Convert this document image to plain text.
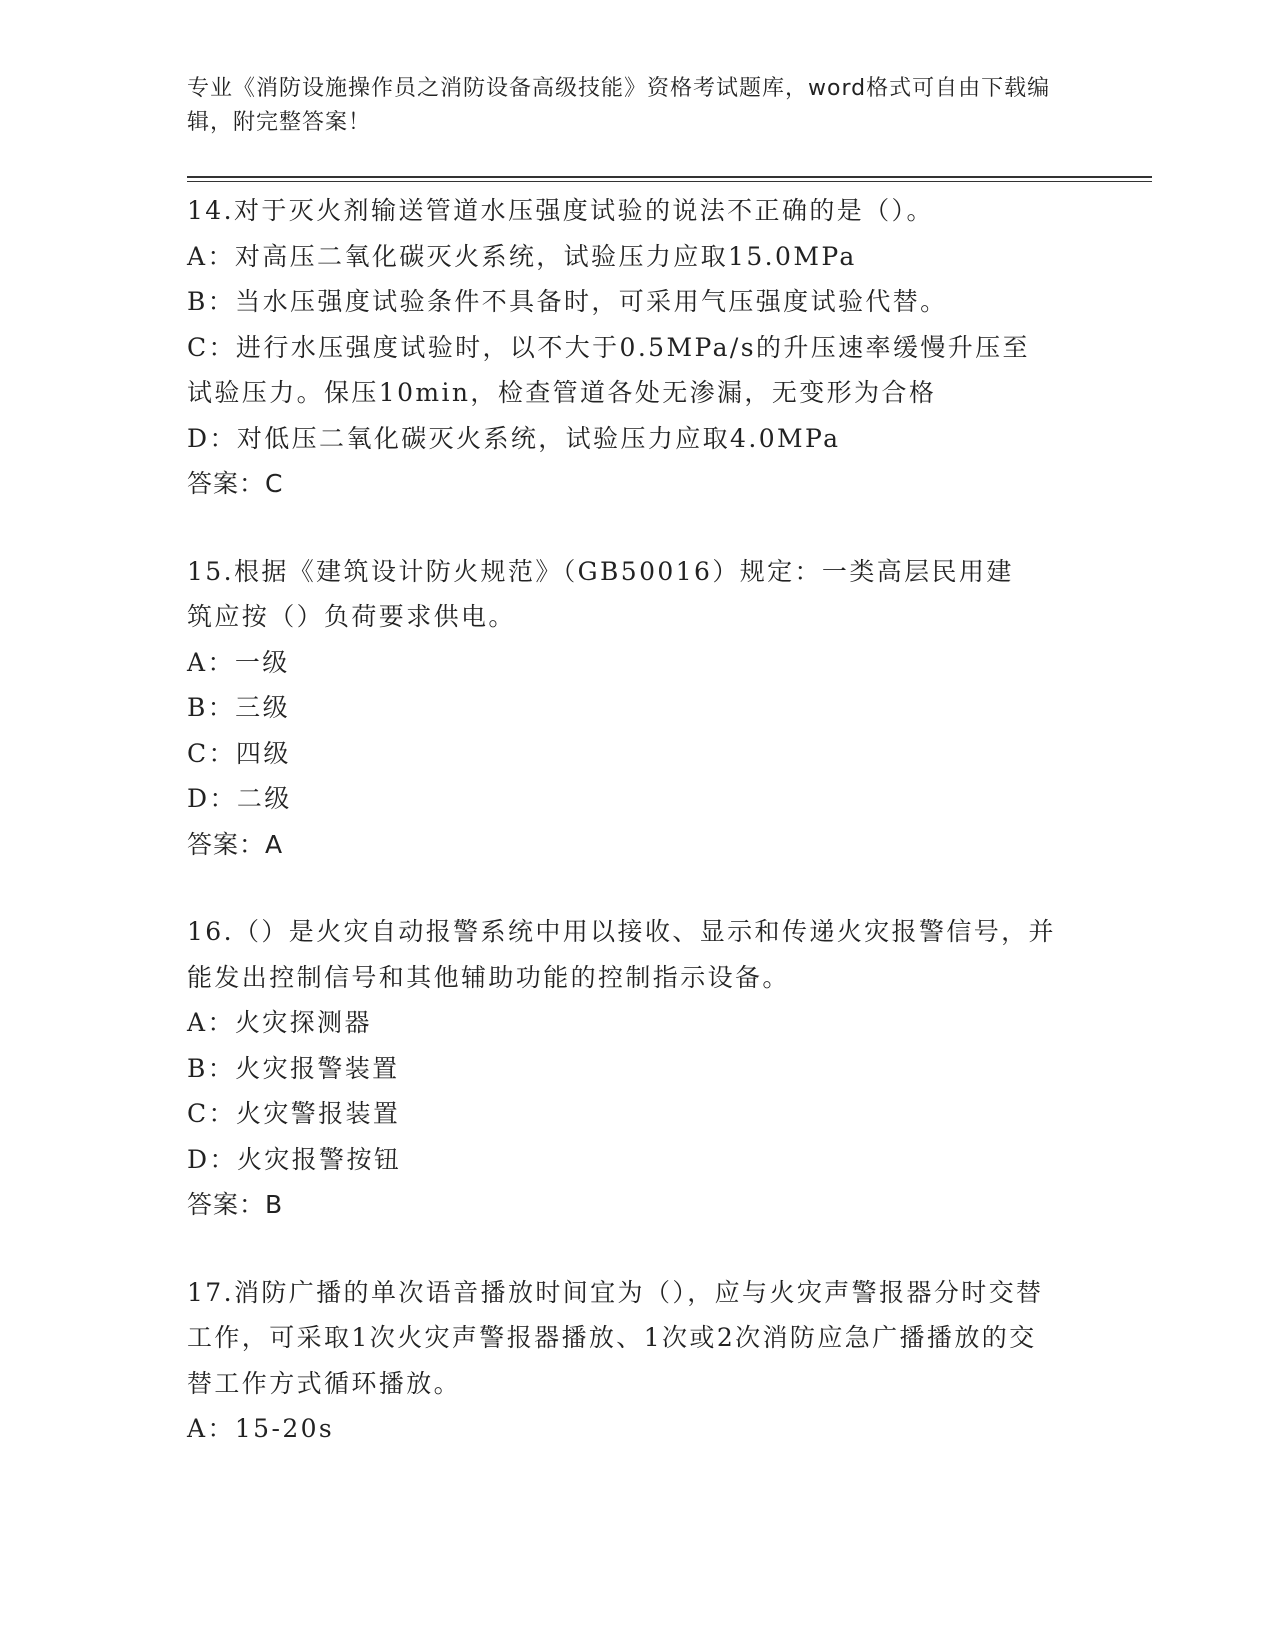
专业《消防设施操作员之消防设备高级技能》资格考试题库，word格式可自由下载编辑，附完整答案！
14.对于灭火剂输送管道水压强度试验的说法不正确的是（）。
A：对高压二氧化碳灭火系统，试验压力应取15.0MPa
B：当水压强度试验条件不具备时，可采用气压强度试验代替。
C：进行水压强度试验时，以不大于0.5MPa/s的升压速率缓慢升压至试验压力。保压10min，检查管道各处无渗漏，无变形为合格
D：对低压二氧化碳灭火系统，试验压力应取4.0MPa
答案：C
15.根据《建筑设计防火规范》（GB50016）规定：一类高层民用建筑应按（）负荷要求供电。
A：一级
B：三级
C：四级
D：二级
答案：A
16.（）是火灾自动报警系统中用以接收、显示和传递火灾报警信号，并能发出控制信号和其他辅助功能的控制指示设备。
A：火灾探测器
B：火灾报警装置
C：火灾警报装置
D：火灾报警按钮
答案：B
17.消防广播的单次语音播放时间宜为（），应与火灾声警报器分时交替工作，可采取1次火灾声警报器播放、1次或2次消防应急广播播放的交替工作方式循环播放。
A：15-20s
